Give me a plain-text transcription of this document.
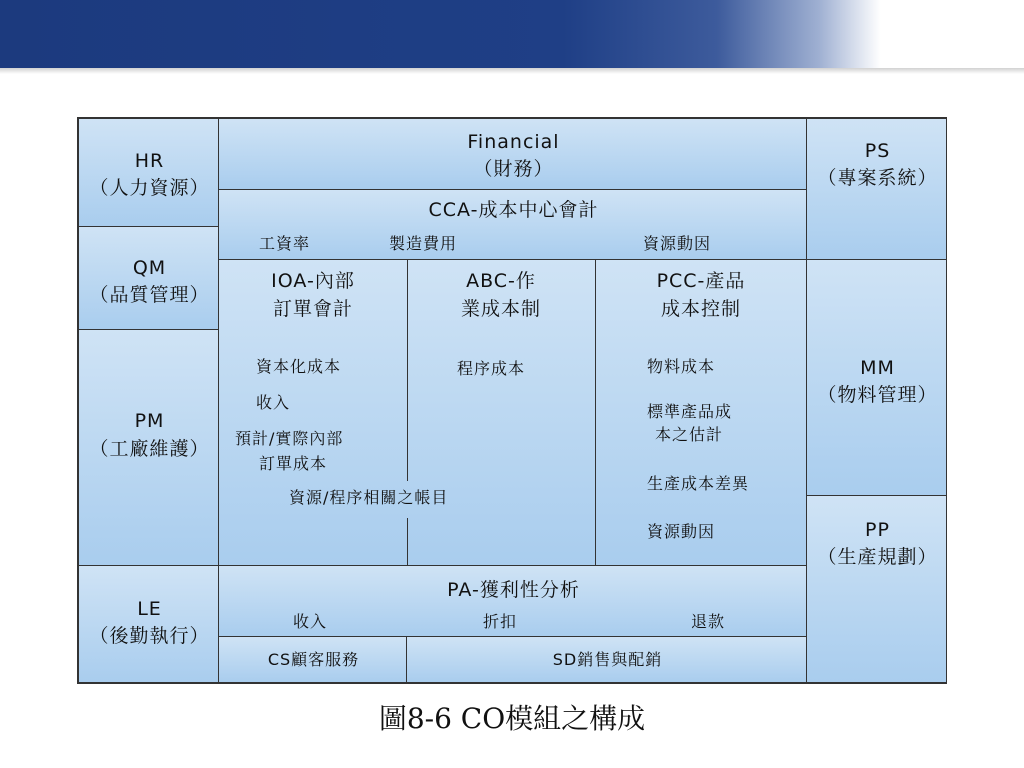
HR
（人力資源）
QM
（品質管理）
PM
（工廠維護）
LE
（後勤執行）
PS
（專案系統）
MM
（物料管理）
PP
（生產規劃）
Financial
（財務）
CCA-成本中心會計
工資率	製造費用	資源動因
IOA-內部
訂單會計
資本化成本
收入
預計/實際內部
訂單成本
ABC-作
業成本制
程序成本
PCC-產品
成本控制
物料成本
標準產品成
本之估計
生產成本差異
資源動因
資源/程序相關之帳目
PA-獲利性分析
收入	折扣	退款
CS顧客服務	SD銷售與配銷
圖8-6 CO模組之構成
